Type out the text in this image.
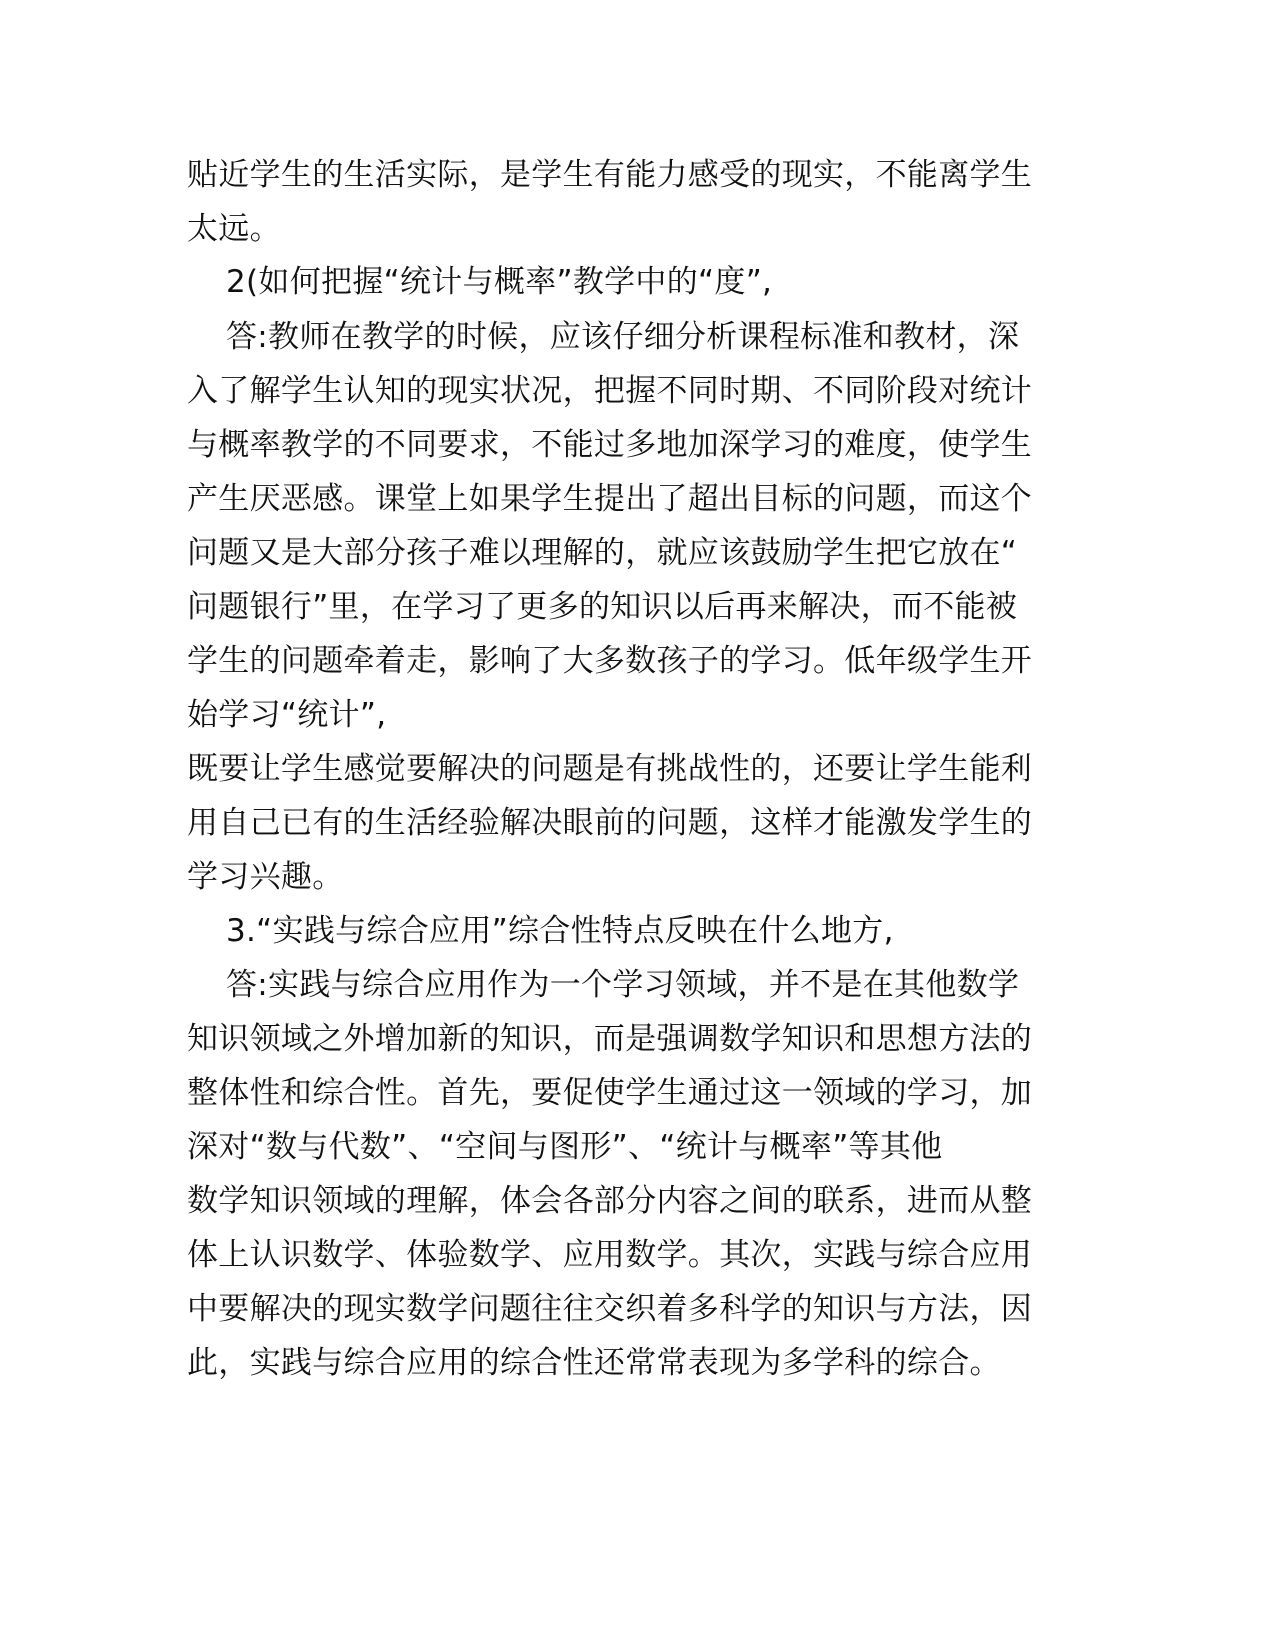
贴近学生的生活实际，是学生有能力感受的现实，不能离学生
太远。
2(如何把握“统计与概率”教学中的“度”,
答:教师在教学的时候，应该仔细分析课程标准和教材，深
入了解学生认知的现实状况，把握不同时期、不同阶段对统计
与概率教学的不同要求，不能过多地加深学习的难度，使学生
产生厌恶感。课堂上如果学生提出了超出目标的问题，而这个
问题又是大部分孩子难以理解的，就应该鼓励学生把它放在“
问题银行”里，在学习了更多的知识以后再来解决，而不能被
学生的问题牵着走，影响了大多数孩子的学习。低年级学生开
始学习“统计”,
既要让学生感觉要解决的问题是有挑战性的，还要让学生能利
用自己已有的生活经验解决眼前的问题，这样才能激发学生的
学习兴趣。
3.“实践与综合应用”综合性特点反映在什么地方,
答:实践与综合应用作为一个学习领域，并不是在其他数学
知识领域之外增加新的知识，而是强调数学知识和思想方法的
整体性和综合性。首先，要促使学生通过这一领域的学习，加
深对“数与代数”、“空间与图形”、“统计与概率”等其他
数学知识领域的理解，体会各部分内容之间的联系，进而从整
体上认识数学、体验数学、应用数学。其次，实践与综合应用
中要解决的现实数学问题往往交织着多科学的知识与方法，因
此，实践与综合应用的综合性还常常表现为多学科的综合。
